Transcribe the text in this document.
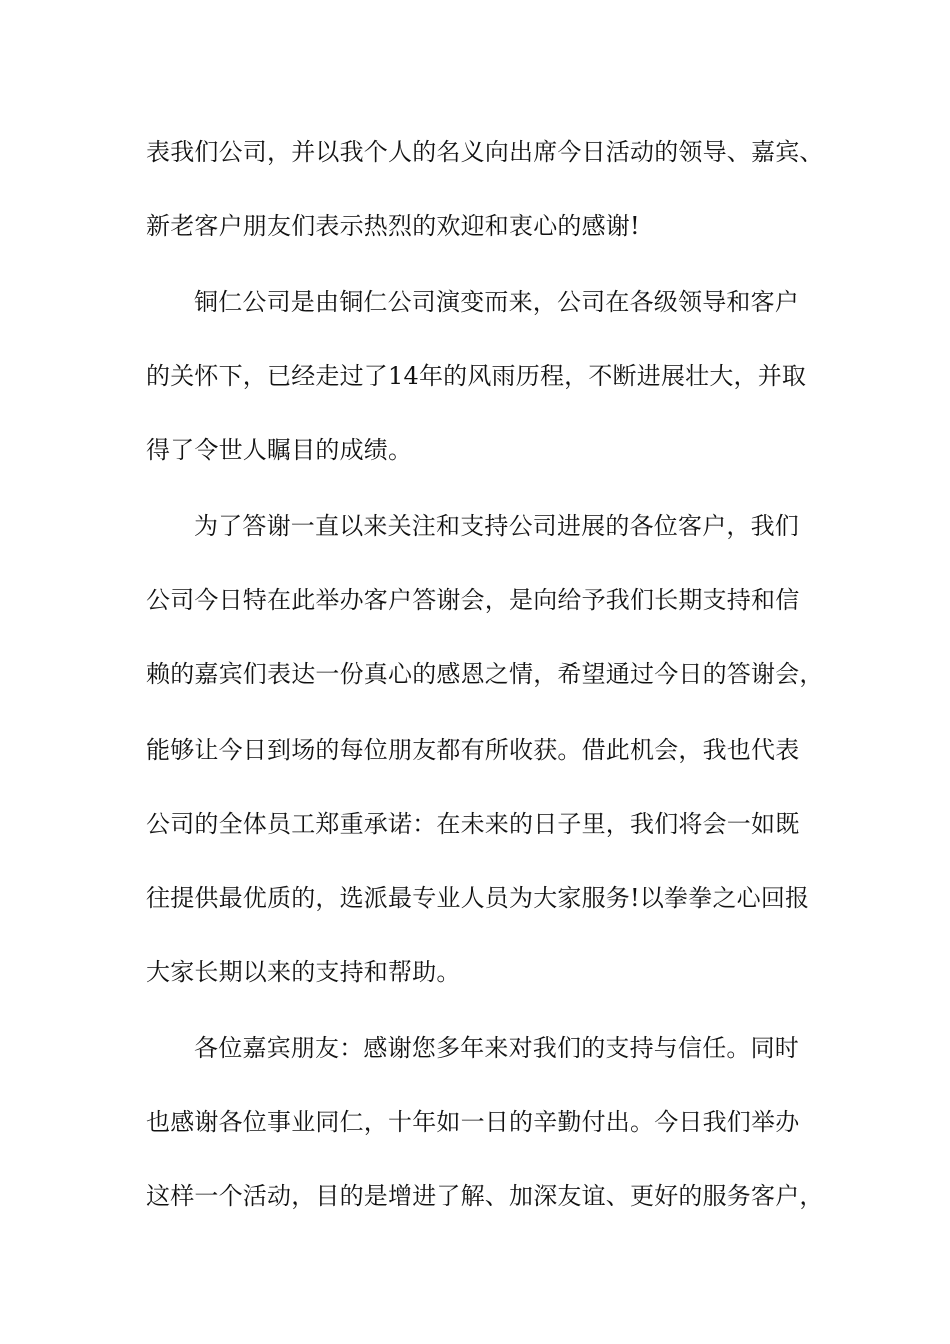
表我们公司，并以我个人的名义向出席今日活动的领导、嘉宾、
新老客户朋友们表示热烈的欢迎和衷心的感谢!
铜仁公司是由铜仁公司演变而来，公司在各级领导和客户
的关怀下，已经走过了14年的风雨历程，不断进展壮大，并取
得了令世人瞩目的成绩。
为了答谢一直以来关注和支持公司进展的各位客户，我们
公司今日特在此举办客户答谢会，是向给予我们长期支持和信
赖的嘉宾们表达一份真心的感恩之情，希望通过今日的答谢会，
能够让今日到场的每位朋友都有所收获。借此机会，我也代表
公司的全体员工郑重承诺：在未来的日子里，我们将会一如既
往提供最优质的，选派最专业人员为大家服务!以拳拳之心回报
大家长期以来的支持和帮助。
各位嘉宾朋友：感谢您多年来对我们的支持与信任。同时
也感谢各位事业同仁，十年如一日的辛勤付出。今日我们举办
这样一个活动，目的是增进了解、加深友谊、更好的服务客户，
